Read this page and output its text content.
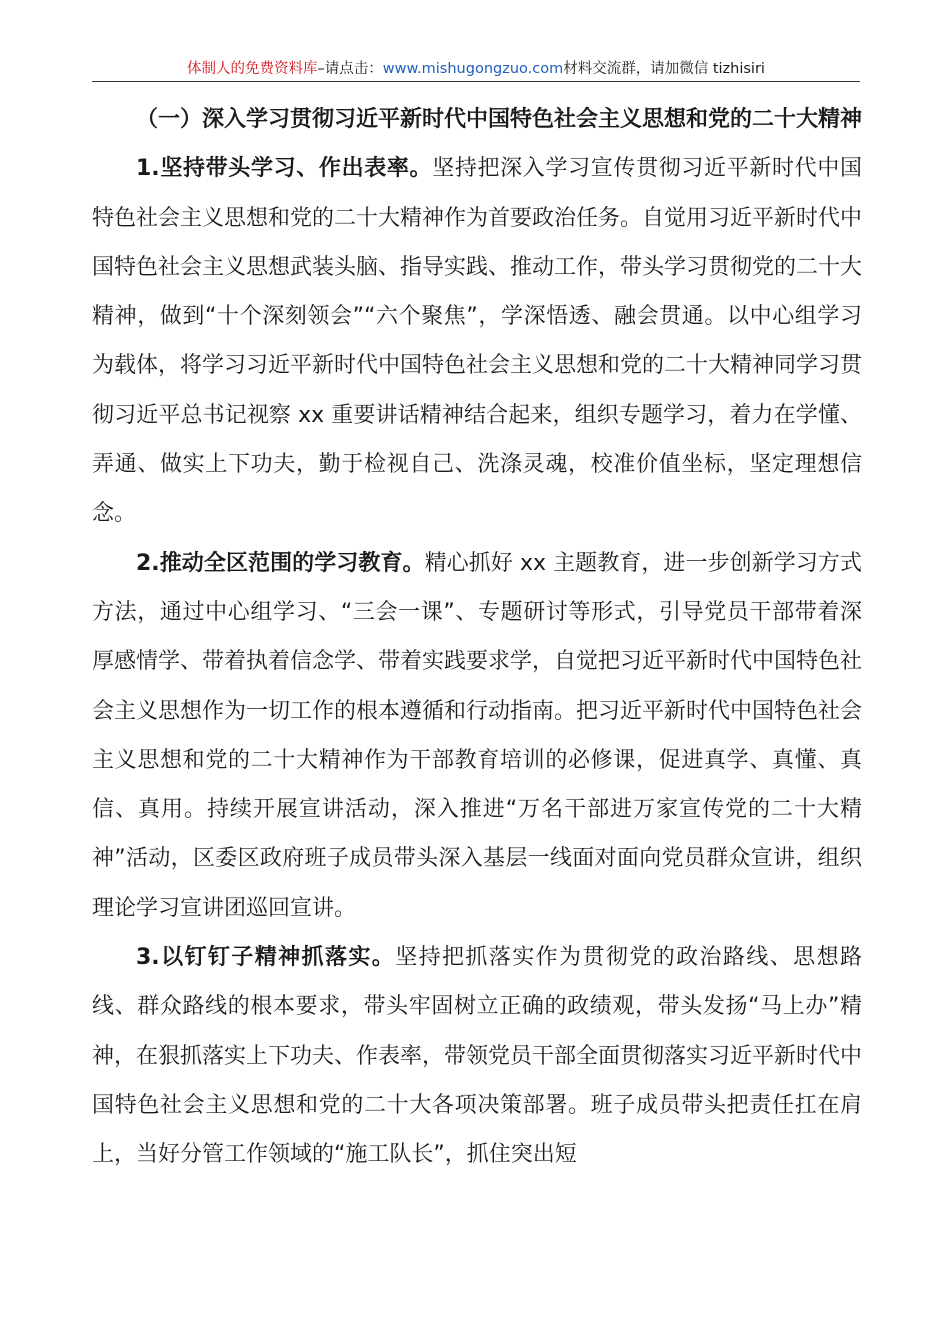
体制人的免费资料库–请点击：www.mishugongzuo.com材料交流群，请加微信 tizhisiri

（一）深入学习贯彻习近平新时代中国特色社会主义思想和党的二十大精神

1.坚持带头学习、作出表率。坚持把深入学习宣传贯彻习近平新时代中国特色社会主义思想和党的二十大精神作为首要政治任务。自觉用习近平新时代中国特色社会主义思想武装头脑、指导实践、推动工作，带头学习贯彻党的二十大精神，做到“十个深刻领会”“六个聚焦”，学深悟透、融会贯通。以中心组学习为载体，将学习习近平新时代中国特色社会主义思想和党的二十大精神同学习贯彻习近平总书记视察 xx 重要讲话精神结合起来，组织专题学习，着力在学懂、弄通、做实上下功夫，勤于检视自己、洗涤灵魂，校准价值坐标，坚定理想信念。

2.推动全区范围的学习教育。精心抓好 xx 主题教育，进一步创新学习方式方法，通过中心组学习、“三会一课”、专题研讨等形式，引导党员干部带着深厚感情学、带着执着信念学、带着实践要求学，自觉把习近平新时代中国特色社会主义思想作为一切工作的根本遵循和行动指南。把习近平新时代中国特色社会主义思想和党的二十大精神作为干部教育培训的必修课，促进真学、真懂、真信、真用。持续开展宣讲活动，深入推进“万名干部进万家宣传党的二十大精神”活动，区委区政府班子成员带头深入基层一线面对面向党员群众宣讲，组织理论学习宣讲团巡回宣讲。

3.以钉钉子精神抓落实。坚持把抓落实作为贯彻党的政治路线、思想路线、群众路线的根本要求，带头牢固树立正确的政绩观，带头发扬“马上办”精神，在狠抓落实上下功夫、作表率，带领党员干部全面贯彻落实习近平新时代中国特色社会主义思想和党的二十大各项决策部署。班子成员带头把责任扛在肩上，当好分管工作领域的“施工队长”，抓住突出短
